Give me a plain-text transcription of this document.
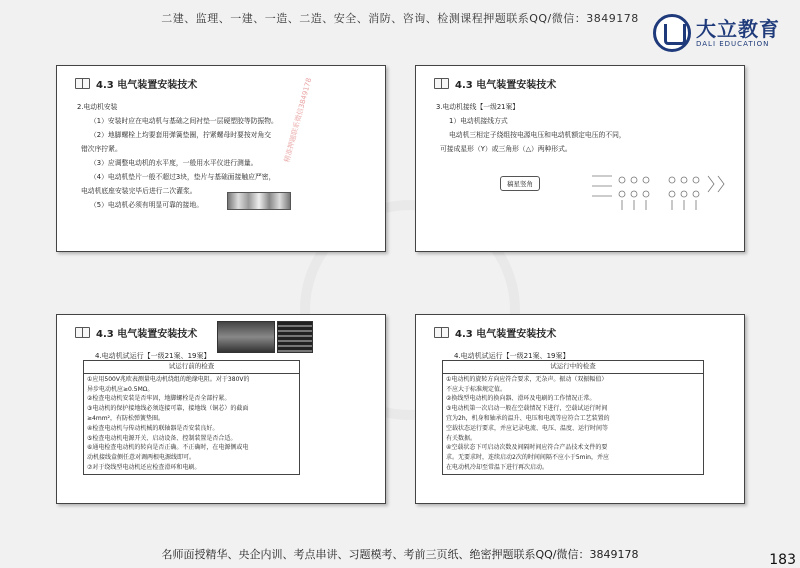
二建、监理、一建、一造、二造、安全、消防、咨询、检测课程押题联系QQ/微信：3849178	大立教育
DALI EDUCATION
4.3 电气装置安装技术

2.电动机安装

（1）安装时应在电动机与基础之间衬垫一层硬塑胶等防振物。

（2）地脚螺栓上均要套用弹簧垫圈，拧紧螺母时要按对角交

错次序拧紧。

（3）应调整电动机的水平度，一般用水平仪进行测量。

（4）电动机垫片一般不超过3块，垫片与基础面接触应严密，

电动机底座安装完毕后进行二次灌浆。

（5）电动机必须有明显可靠的接地。

精准押题联系微信3849178	4.3 电气装置安装技术

3.电动机接线【一级21案】

1）电动机接线方式

电动机三相定子绕组按电源电压和电动机额定电压的不同，

可接成星形（Y）或三角形（△）两种形式。

稿星竖角
4.3 电气装置安装技术
4.电动机试运行【一级21案、19案】
试运行前的检查

①应用500V兆欧表测量电动机绕组的绝缘电阻。对于380V的

异步电动机应≥0.5MΩ。

②检查电动机安装是否牢固，地脚螺栓是否全部拧紧。

③电动机的保护接地线必须连接可靠，接地线（铜芯）的截面

≥4mm²，有防松弹簧垫圈。

④检查电动机与传动机械的联轴器是否安装良好。

⑤检查电动机电源开关、启动设备、控制装置是否合适。

⑥通电检查电动机的转向是否正确。不正确时，在电源侧或电

动机接线盒侧任意对调两根电源线即可。

⑦对于绕线型电动机还应检查滑环和电刷。

4.3 电气装置安装技术
4.电动机试运行【一级21案、19案】
试运行中的检查

①电动机的旋转方向应符合要求，无杂声。振动（双振幅值）

不应大于标准规定值。

②换线型电动机的换向器、滑环及电刷的工作情况正常。

③电动机第一次启动一般在空载情况下进行，空载试运行时间

宜为2h，机身和轴承的温升、电压和电流等应符合工艺装置的

空载状态运行要求，并应记录电流、电压、温度、运行时间等

有关数据。

④空载状态下可启动次数及间隔时间应符合产品技术文件的要

求。无要求时，连续启动2次的时间间隔不应小于5min，并应

在电动机冷却至常温下进行再次启动。

名师面授精华、央企内训、考点串讲、习题模考、考前三页纸、绝密押题联系QQ/微信：3849178	183
